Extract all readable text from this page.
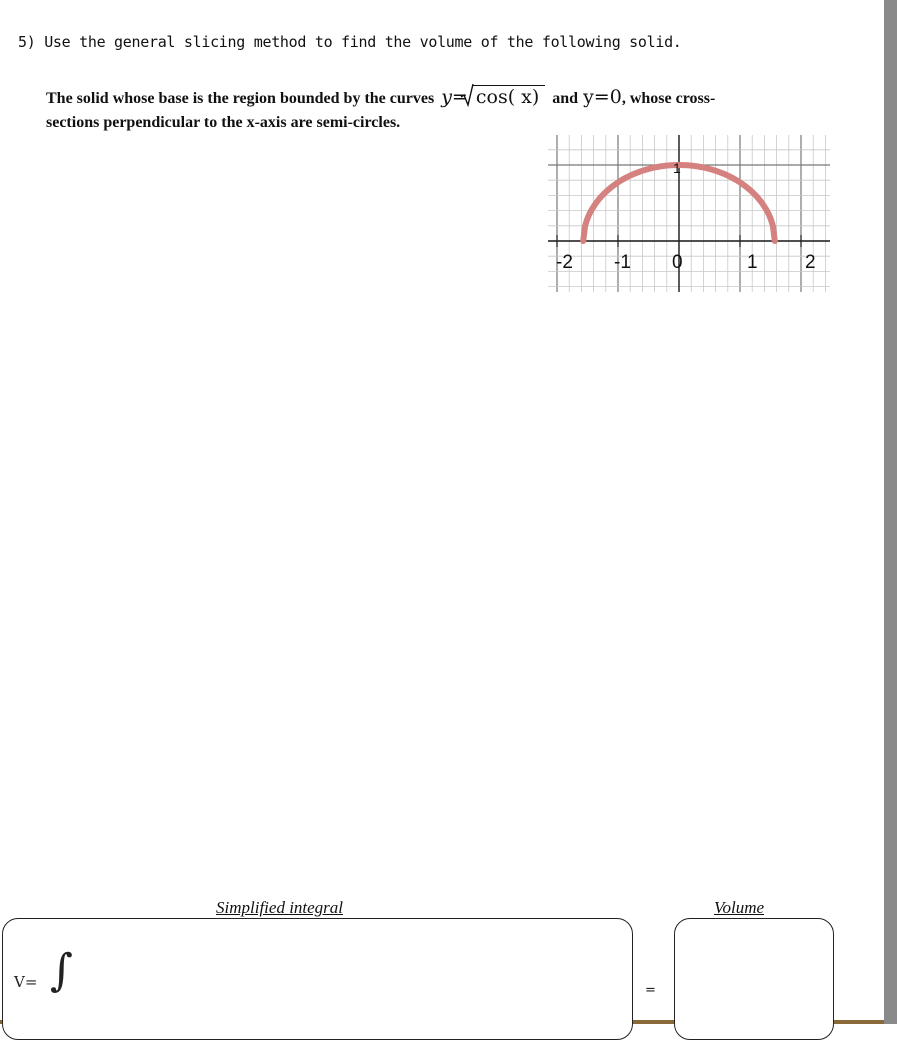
5) Use the general slicing method to find the volume of the following solid.
The solid whose base is the region bounded by the curves y= cos( x) and y=0 , whose cross-
sections perpendicular to the x-axis are semi-circles.
-2 -1 0	1 2
1
Simplified integral	Volume
V= ∫	=
